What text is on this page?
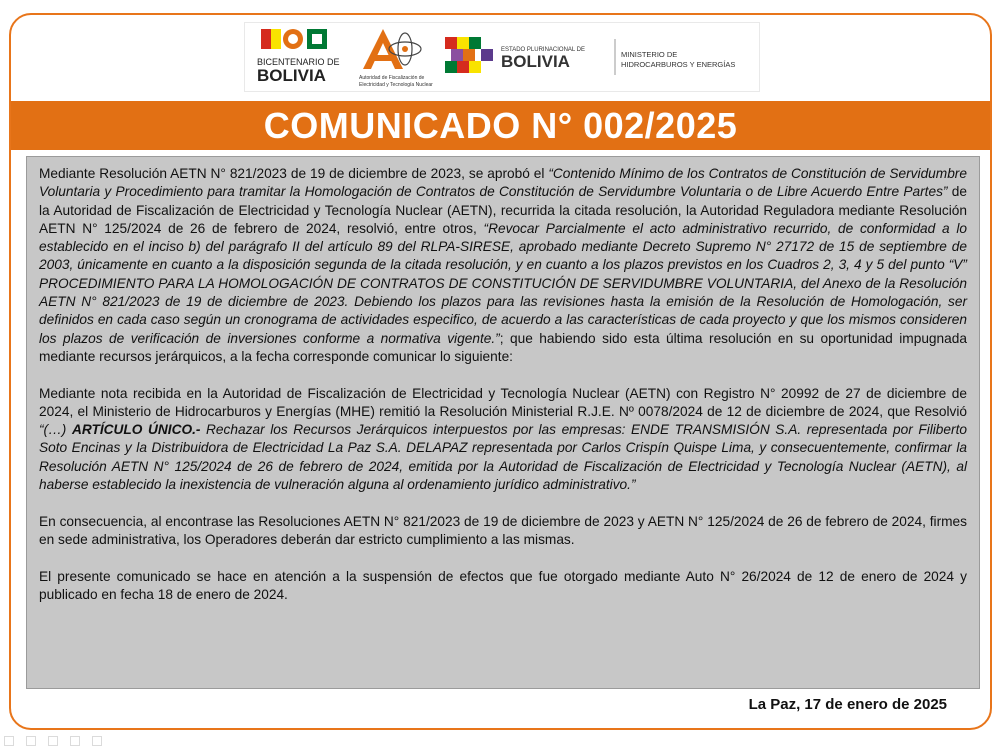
BICENTENARIO DE
BOLIVIA	Autoridad de Fiscalización de
Electricidad y Tecnología Nuclear
ESTADO PLURINACIONAL DE
BOLIVIA	MINISTERIO DE
HIDROCARBUROS Y ENERGÍAS
COMUNICADO N° 002/2025

Mediante Resolución AETN N° 821/2023 de 19 de diciembre de 2023, se aprobó el “Contenido Mínimo de los Contratos de Constitución de Servidumbre Voluntaria y Procedimiento para tramitar la Homologación de Contratos de Constitución de Servidumbre Voluntaria o de Libre Acuerdo Entre Partes” de la Autoridad de Fiscalización de Electricidad y Tecnología Nuclear (AETN), recurrida la citada resolución, la Autoridad Reguladora mediante Resolución AETN N° 125/2024 de 26 de febrero de 2024, resolvió, entre otros, “Revocar Parcialmente el acto administrativo recurrido, de conformidad a lo establecido en el inciso b) del parágrafo II del artículo 89 del RLPA-SIRESE, aprobado mediante Decreto Supremo N° 27172 de 15 de septiembre de 2003, únicamente en cuanto a la disposición segunda de la citada resolución, y en cuanto a los plazos previstos en los Cuadros 2, 3, 4 y 5 del punto “V” PROCEDIMIENTO PARA LA HOMOLOGACIÓN DE CONTRATOS DE CONSTITUCIÓN DE SERVIDUMBRE VOLUNTARIA, del Anexo de la Resolución AETN N° 821/2023 de 19 de diciembre de 2023. Debiendo los plazos para las revisiones hasta la emisión de la Resolución de Homologación, ser definidos en cada caso según un cronograma de actividades especifico, de acuerdo a las características de cada proyecto y que los mismos consideren los plazos de verificación de inversiones conforme a normativa vigente.”; que habiendo sido esta última resolución en su oportunidad impugnada mediante recursos jerárquicos, a la fecha corresponde comunicar lo siguiente:

Mediante nota recibida en la Autoridad de Fiscalización de Electricidad y Tecnología Nuclear (AETN) con Registro N° 20992 de 27 de diciembre de 2024, el Ministerio de Hidrocarburos y Energías (MHE) remitió la Resolución Ministerial R.J.E. Nº 0078/2024 de 12 de diciembre de 2024, que Resolvió “(…) ARTÍCULO ÚNICO.- Rechazar los Recursos Jerárquicos interpuestos por las empresas: ENDE TRANSMISIÓN S.A. representada por Filiberto Soto Encinas y la Distribuidora de Electricidad La Paz S.A. DELAPAZ representada por Carlos Crispín Quispe Lima, y consecuentemente, confirmar la Resolución AETN N° 125/2024 de 26 de febrero de 2024, emitida por la Autoridad de Fiscalización de Electricidad y Tecnología Nuclear (AETN), al haberse establecido la inexistencia de vulneración alguna al ordenamiento jurídico administrativo.”

En consecuencia, al encontrase las Resoluciones AETN N° 821/2023 de 19 de diciembre de 2023 y AETN N° 125/2024 de 26 de febrero de 2024, firmes en sede administrativa, los Operadores deberán dar estricto cumplimiento a las mismas.

El presente comunicado se hace en atención a la suspensión de efectos que fue otorgado mediante Auto N° 26/2024 de 12 de enero de 2024 y publicado en fecha 18 de enero de 2024.

La Paz, 17 de enero de 2025
